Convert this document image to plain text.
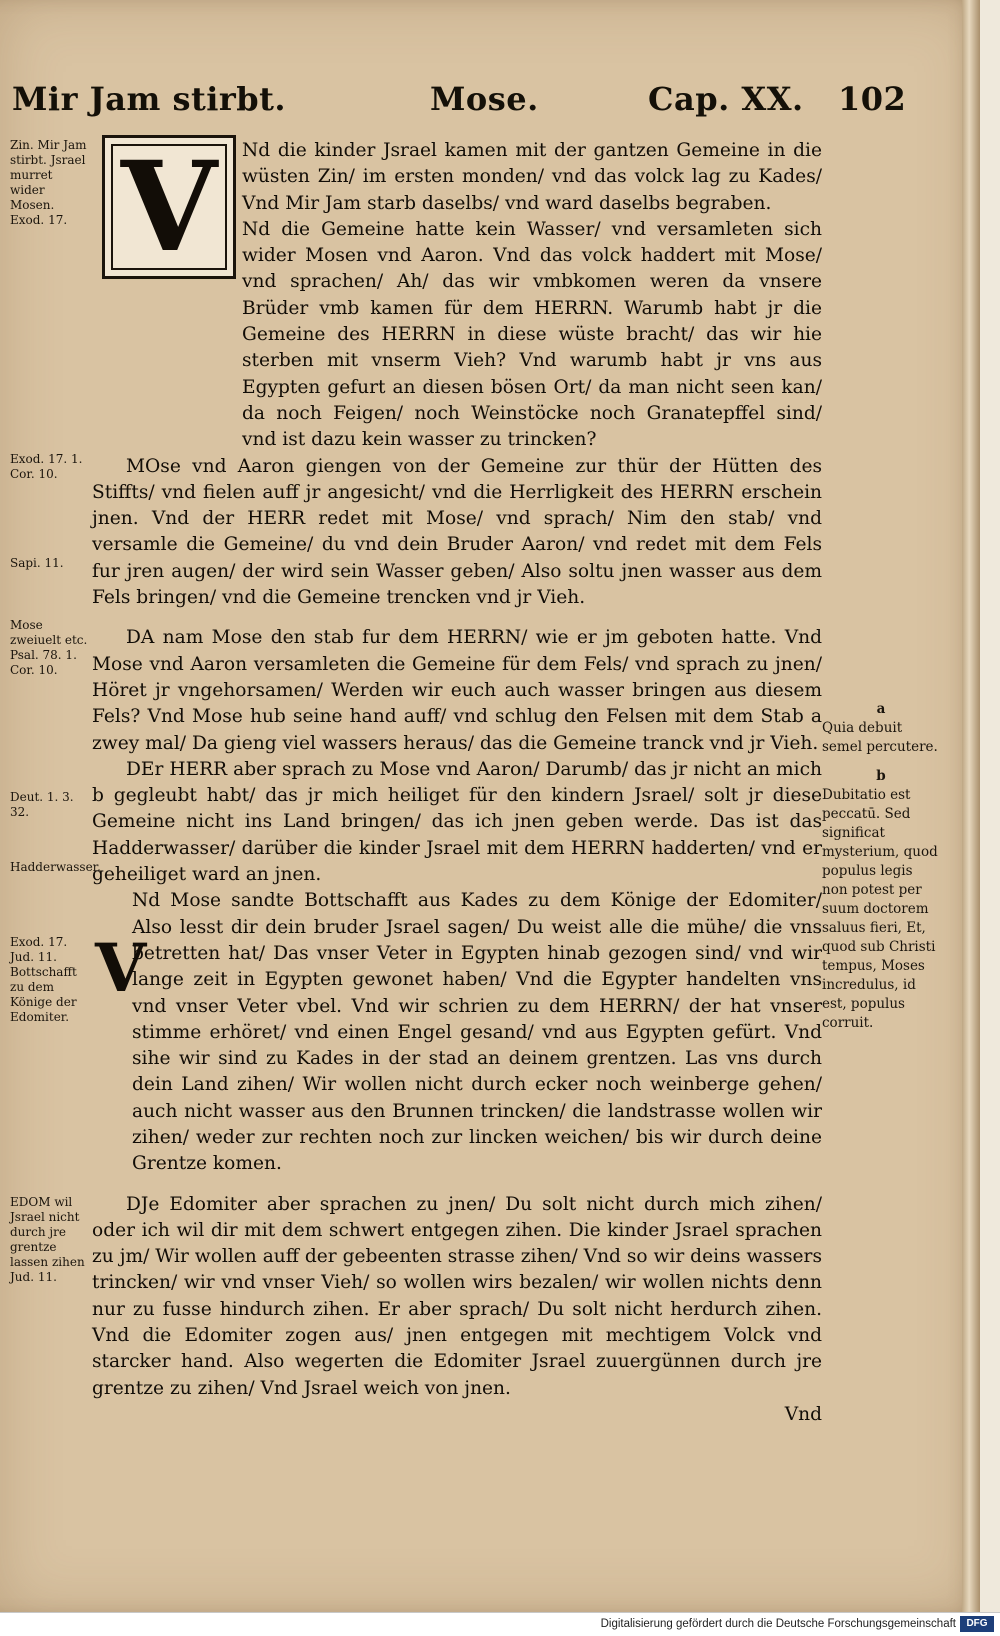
Mir Jam stirbt.	Mose.	Cap. XX. 102
V
V

Nd die kinder Jsrael kamen mit der gantzen Gemeine in die wüsten Zin/ im ersten monden/ vnd das volck lag zu Kades/ Vnd Mir Jam starb daselbs/ vnd ward daselbs begraben.

Nd die Gemeine hatte kein Wasser/ vnd versamleten sich wider Mosen vnd Aaron. Vnd das volck haddert mit Mose/ vnd sprachen/ Ah/ das wir vmbkomen weren da vnsere Brüder vmb kamen für dem HERRN. Warumb habt jr die Gemeine des HERRN in diese wüste bracht/ das wir hie sterben mit vnserm Vieh? Vnd warumb habt jr vns aus Egypten gefurt an diesen bösen Ort/ da man nicht seen kan/ da noch Feigen/ noch Weinstöcke noch Granatepffel sind/ vnd ist dazu kein wasser zu trincken?

MOse vnd Aaron giengen von der Gemeine zur thür der Hütten des Stiffts/ vnd fielen auff jr angesicht/ vnd die Herrligkeit des HERRN erschein jnen. Vnd der HERR redet mit Mose/ vnd sprach/ Nim den stab/ vnd versamle die Gemeine/ du vnd dein Bruder Aaron/ vnd redet mit dem Fels fur jren augen/ der wird sein Wasser geben/ Also soltu jnen wasser aus dem Fels bringen/ vnd die Gemeine trencken vnd jr Vieh.

DA nam Mose den stab fur dem HERRN/ wie er jm geboten hatte. Vnd Mose vnd Aaron versamleten die Gemeine für dem Fels/ vnd sprach zu jnen/ Höret jr vngehorsamen/ Werden wir euch auch wasser bringen aus diesem Fels? Vnd Mose hub seine hand auff/ vnd schlug den Felsen mit dem Stab a zwey mal/ Da gieng viel wassers heraus/ das die Gemeine tranck vnd jr Vieh.

DEr HERR aber sprach zu Mose vnd Aaron/ Darumb/ das jr nicht an mich b gegleubt habt/ das jr mich heiliget für den kindern Jsrael/ solt jr diese Gemeine nicht ins Land bringen/ das ich jnen geben werde. Das ist das Hadderwasser/ darüber die kinder Jsrael mit dem HERRN hadderten/ vnd er geheiliget ward an jnen.

Nd Mose sandte Bottschafft aus Kades zu dem Könige der Edomiter/ Also lesst dir dein bruder Jsrael sagen/ Du weist alle die mühe/ die vns betretten hat/ Das vnser Veter in Egypten hinab gezogen sind/ vnd wir lange zeit in Egypten gewonet haben/ Vnd die Egypter handelten vns vnd vnser Veter vbel. Vnd wir schrien zu dem HERRN/ der hat vnser stimme erhöret/ vnd einen Engel gesand/ vnd aus Egypten gefürt. Vnd sihe wir sind zu Kades in der stad an deinem grentzen. Las vns durch dein Land zihen/ Wir wollen nicht durch ecker noch weinberge gehen/ auch nicht wasser aus den Brunnen trincken/ die landstrasse wollen wir zihen/ weder zur rechten noch zur lincken weichen/ bis wir durch deine Grentze komen.

DJe Edomiter aber sprachen zu jnen/ Du solt nicht durch mich zihen/ oder ich wil dir mit dem schwert entgegen zihen. Die kinder Jsrael sprachen zu jm/ Wir wollen auff der gebeenten strasse zihen/ Vnd so wir deins wassers trincken/ wir vnd vnser Vieh/ so wollen wirs bezalen/ wir wollen nichts denn nur zu fusse hindurch zihen. Er aber sprach/ Du solt nicht herdurch zihen. Vnd die Edomiter zogen aus/ jnen entgegen mit mechtigem Volck vnd starcker hand. Also wegerten die Edomiter Jsrael zuuergünnen durch jre grentze zu zihen/ Vnd Jsrael weich von jnen.

Vnd

Zin. Mir Jam stirbt. Jsrael murret wider Mosen. Exod. 17.
Exod. 17. 1. Cor. 10.
Sapi. 11.
Mose zweiuelt etc. Psal. 78. 1. Cor. 10.
Deut. 1. 3. 32.
Hadderwasser.
Exod. 17. Jud. 11. Bottschafft zu dem Könige der Edomiter.
EDOM wil Jsrael nicht durch jre grentze lassen zihen Jud. 11.
a
Quia debuit semel percutere.
b
Dubitatio est peccatū. Sed significat mysterium, quod populus legis non potest per suum doctorem saluus fieri, Et, quod sub Christi tempus, Moses incredulus, id est, populus corruit.
Digitalisierung gefördert durch die Deutsche Forschungsgemeinschaft	DFG
